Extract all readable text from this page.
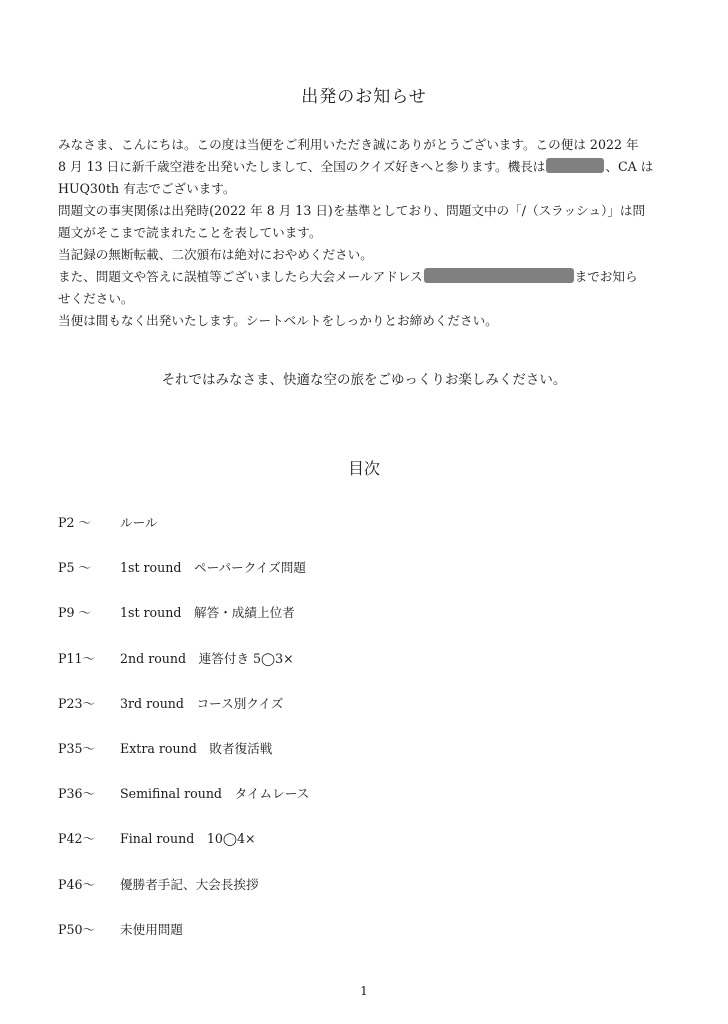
出発のお知らせ
みなさま、こんにちは。この度は当便をご利用いただき誠にありがとうございます。この便は 2022 年
8 月 13 日に新千歳空港を出発いたしまして、全国のクイズ好きへと参ります。機長は	、CA は
HUQ30th 有志でございます。
問題文の事実関係は出発時(2022 年 8 月 13 日)を基準としており、問題文中の「/（スラッシュ）」は問
題文がそこまで読まれたことを表しています。
当記録の無断転載、二次頒布は絶対におやめください。
また、問題文や答えに誤植等ございましたら大会メールアドレス	までお知ら
せください。
当便は間もなく出発いたします。シートベルトをしっかりとお締めください。
それではみなさま、快適な空の旅をごゆっくりお楽しみください。
目次
P2 〜	ルール
P5 〜	1st round　ペーパークイズ問題
P9 〜	1st round　解答・成績上位者
P11〜	2nd round　連答付き 5◯3×
P23〜	3rd round　コース別クイズ
P35〜	Extra round　敗者復活戦
P36〜	Semifinal round　タイムレース
P42〜	Final round　10◯4×
P46〜	優勝者手記、大会長挨拶
P50〜	未使用問題
1
